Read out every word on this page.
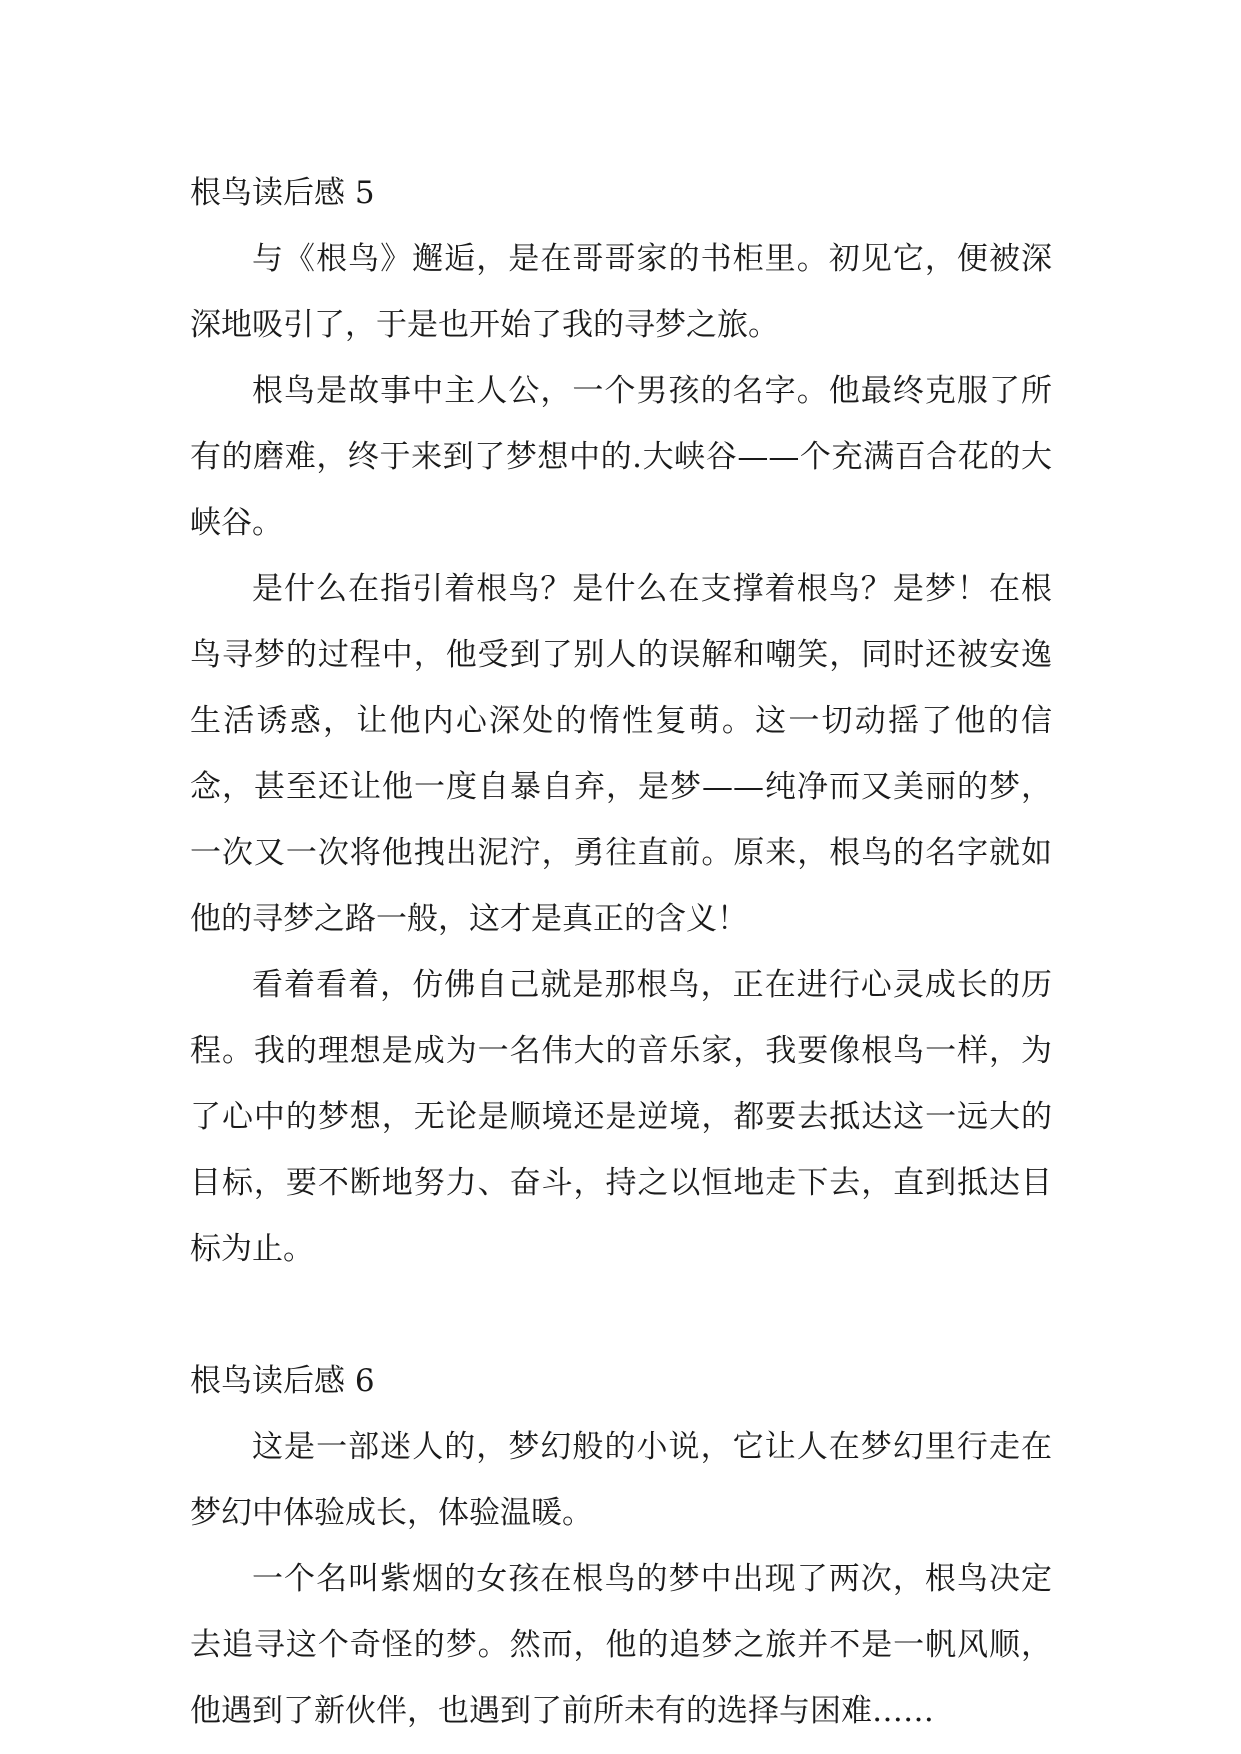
根鸟读后感 5

与《根鸟》邂逅，是在哥哥家的书柜里。初见它，便被深深地吸引了，于是也开始了我的寻梦之旅。

根鸟是故事中主人公，一个男孩的名字。他最终克服了所有的磨难，终于来到了梦想中的.大峡谷——个充满百合花的大峡谷。

是什么在指引着根鸟？是什么在支撑着根鸟？是梦！在根鸟寻梦的过程中，他受到了别人的误解和嘲笑，同时还被安逸生活诱惑，让他内心深处的惰性复萌。这一切动摇了他的信念，甚至还让他一度自暴自弃，是梦——纯净而又美丽的梦，一次又一次将他拽出泥泞，勇往直前。原来，根鸟的名字就如他的寻梦之路一般，这才是真正的含义！

看着看着，仿佛自己就是那根鸟，正在进行心灵成长的历程。我的理想是成为一名伟大的音乐家，我要像根鸟一样，为了心中的梦想，无论是顺境还是逆境，都要去抵达这一远大的目标，要不断地努力、奋斗，持之以恒地走下去，直到抵达目标为止。

根鸟读后感 6

这是一部迷人的，梦幻般的小说，它让人在梦幻里行走在梦幻中体验成长，体验温暖。

一个名叫紫烟的女孩在根鸟的梦中出现了两次，根鸟决定去追寻这个奇怪的梦。然而，他的追梦之旅并不是一帆风顺，他遇到了新伙伴，也遇到了前所未有的选择与困难……
